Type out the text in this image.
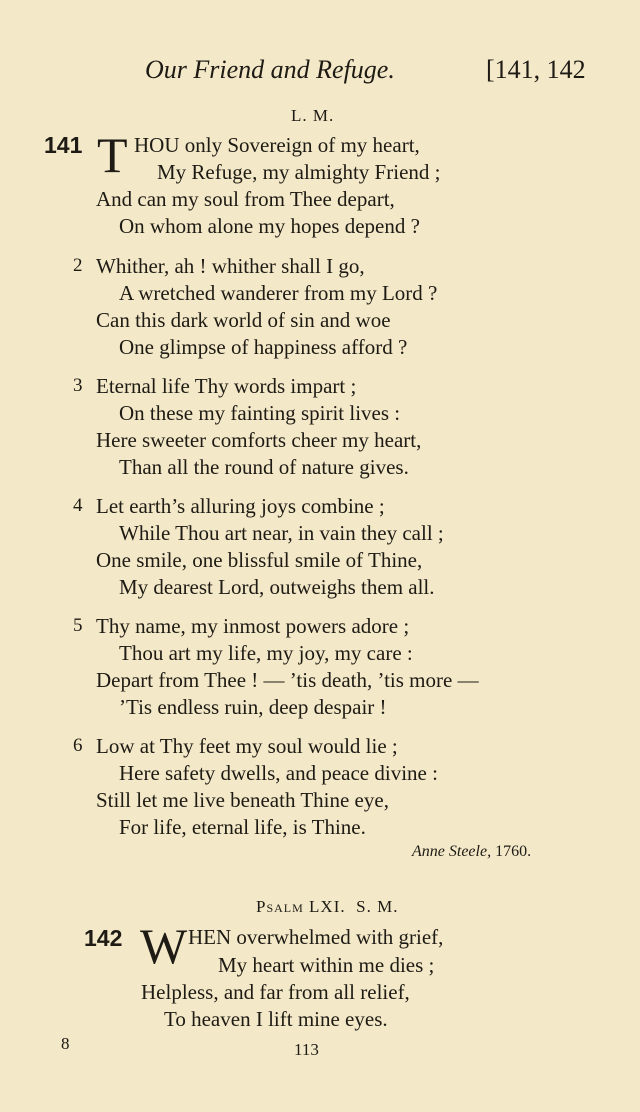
Our Friend and Refuge.	[141, 142
L. M.
141 T HOU only Sovereign of my heart,
My Refuge, my almighty Friend ;
And can my soul from Thee depart,
On whom alone my hopes depend ?
2 Whither, ah ! whither shall I go,
A wretched wanderer from my Lord ?
Can this dark world of sin and woe
One glimpse of happiness afford ?
3 Eternal life Thy words impart ;
On these my fainting spirit lives :
Here sweeter comforts cheer my heart,
Than all the round of nature gives.
4 Let earth’s alluring joys combine ;
While Thou art near, in vain they call ;
One smile, one blissful smile of Thine,
My dearest Lord, outweighs them all.
5 Thy name, my inmost powers adore ;
Thou art my life, my joy, my care :
Depart from Thee ! — ’tis death, ’tis more —
’Tis endless ruin, deep despair !
6 Low at Thy feet my soul would lie ;
Here safety dwells, and peace divine :
Still let me live beneath Thine eye,
For life, eternal life, is Thine.
Anne Steele, 1760.
Psalm LXI. S. M.
142 W HEN overwhelmed with grief,
My heart within me dies ;
Helpless, and far from all relief,
To heaven I lift mine eyes.
8	113
